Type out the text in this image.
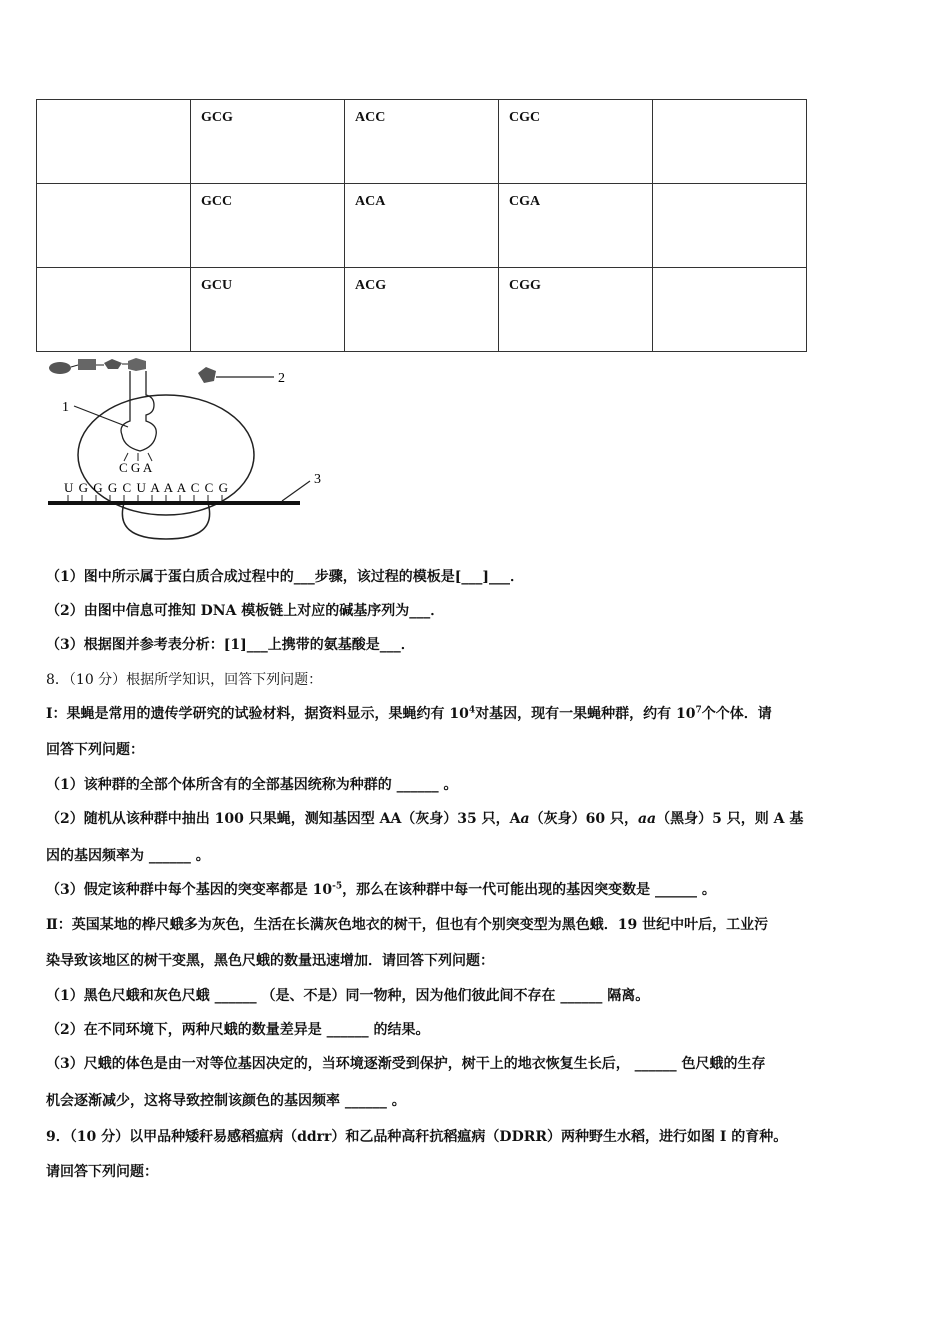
	GCG	ACC	CGC	
	GCC	ACA	CGA	
	GCU	ACG	CGG	
2
1
C G A
U G G G C U A A A C C G
3
（1）图中所示属于蛋白质合成过程中的___步骤，该过程的模板是[___]___．
（2）由图中信息可推知 DNA 模板链上对应的碱基序列为___．
（3）根据图并参考表分析：[1]___上携带的氨基酸是___．
8．（10 分）根据所学知识，回答下列问题：
Ⅰ：果蝇是常用的遗传学研究的试验材料，据资料显示，果蝇约有 $10^4$对基因，现有一果蝇种群，约有 $10^7$个个体．请
回答下列问题：
（1）该种群的全部个体所含有的全部基因统称为种群的 ______ 。
（2）随机从该种群中抽出 100 只果蝇，测知基因型 AA（灰身）35 只，Aa（灰身）60 只，aa（黑身）5 只，则 A 基
因的基因频率为 ______ 。
（3）假定该种群中每个基因的突变率都是 $10^{-5}$，那么在该种群中每一代可能出现的基因突变数是 ______ 。
Ⅱ：英国某地的桦尺蛾多为灰色，生活在长满灰色地衣的树干，但也有个别突变型为黑色蛾．19 世纪中叶后，工业污
染导致该地区的树干变黑，黑色尺蛾的数量迅速增加．请回答下列问题：
（1）黑色尺蛾和灰色尺蛾 ______ （是、不是）同一物种，因为他们彼此间不存在 ______ 隔离。
（2）在不同环境下，两种尺蛾的数量差异是 ______ 的结果。
（3）尺蛾的体色是由一对等位基因决定的，当环境逐渐受到保护，树干上的地衣恢复生长后， ______ 色尺蛾的生存
机会逐渐减少，这将导致控制该颜色的基因频率 ______ 。
9．（10 分）以甲品种矮秆易感稻瘟病（ddrr）和乙品种高秆抗稻瘟病（DDRR）两种野生水稻，进行如图 I 的育种。
请回答下列问题：
